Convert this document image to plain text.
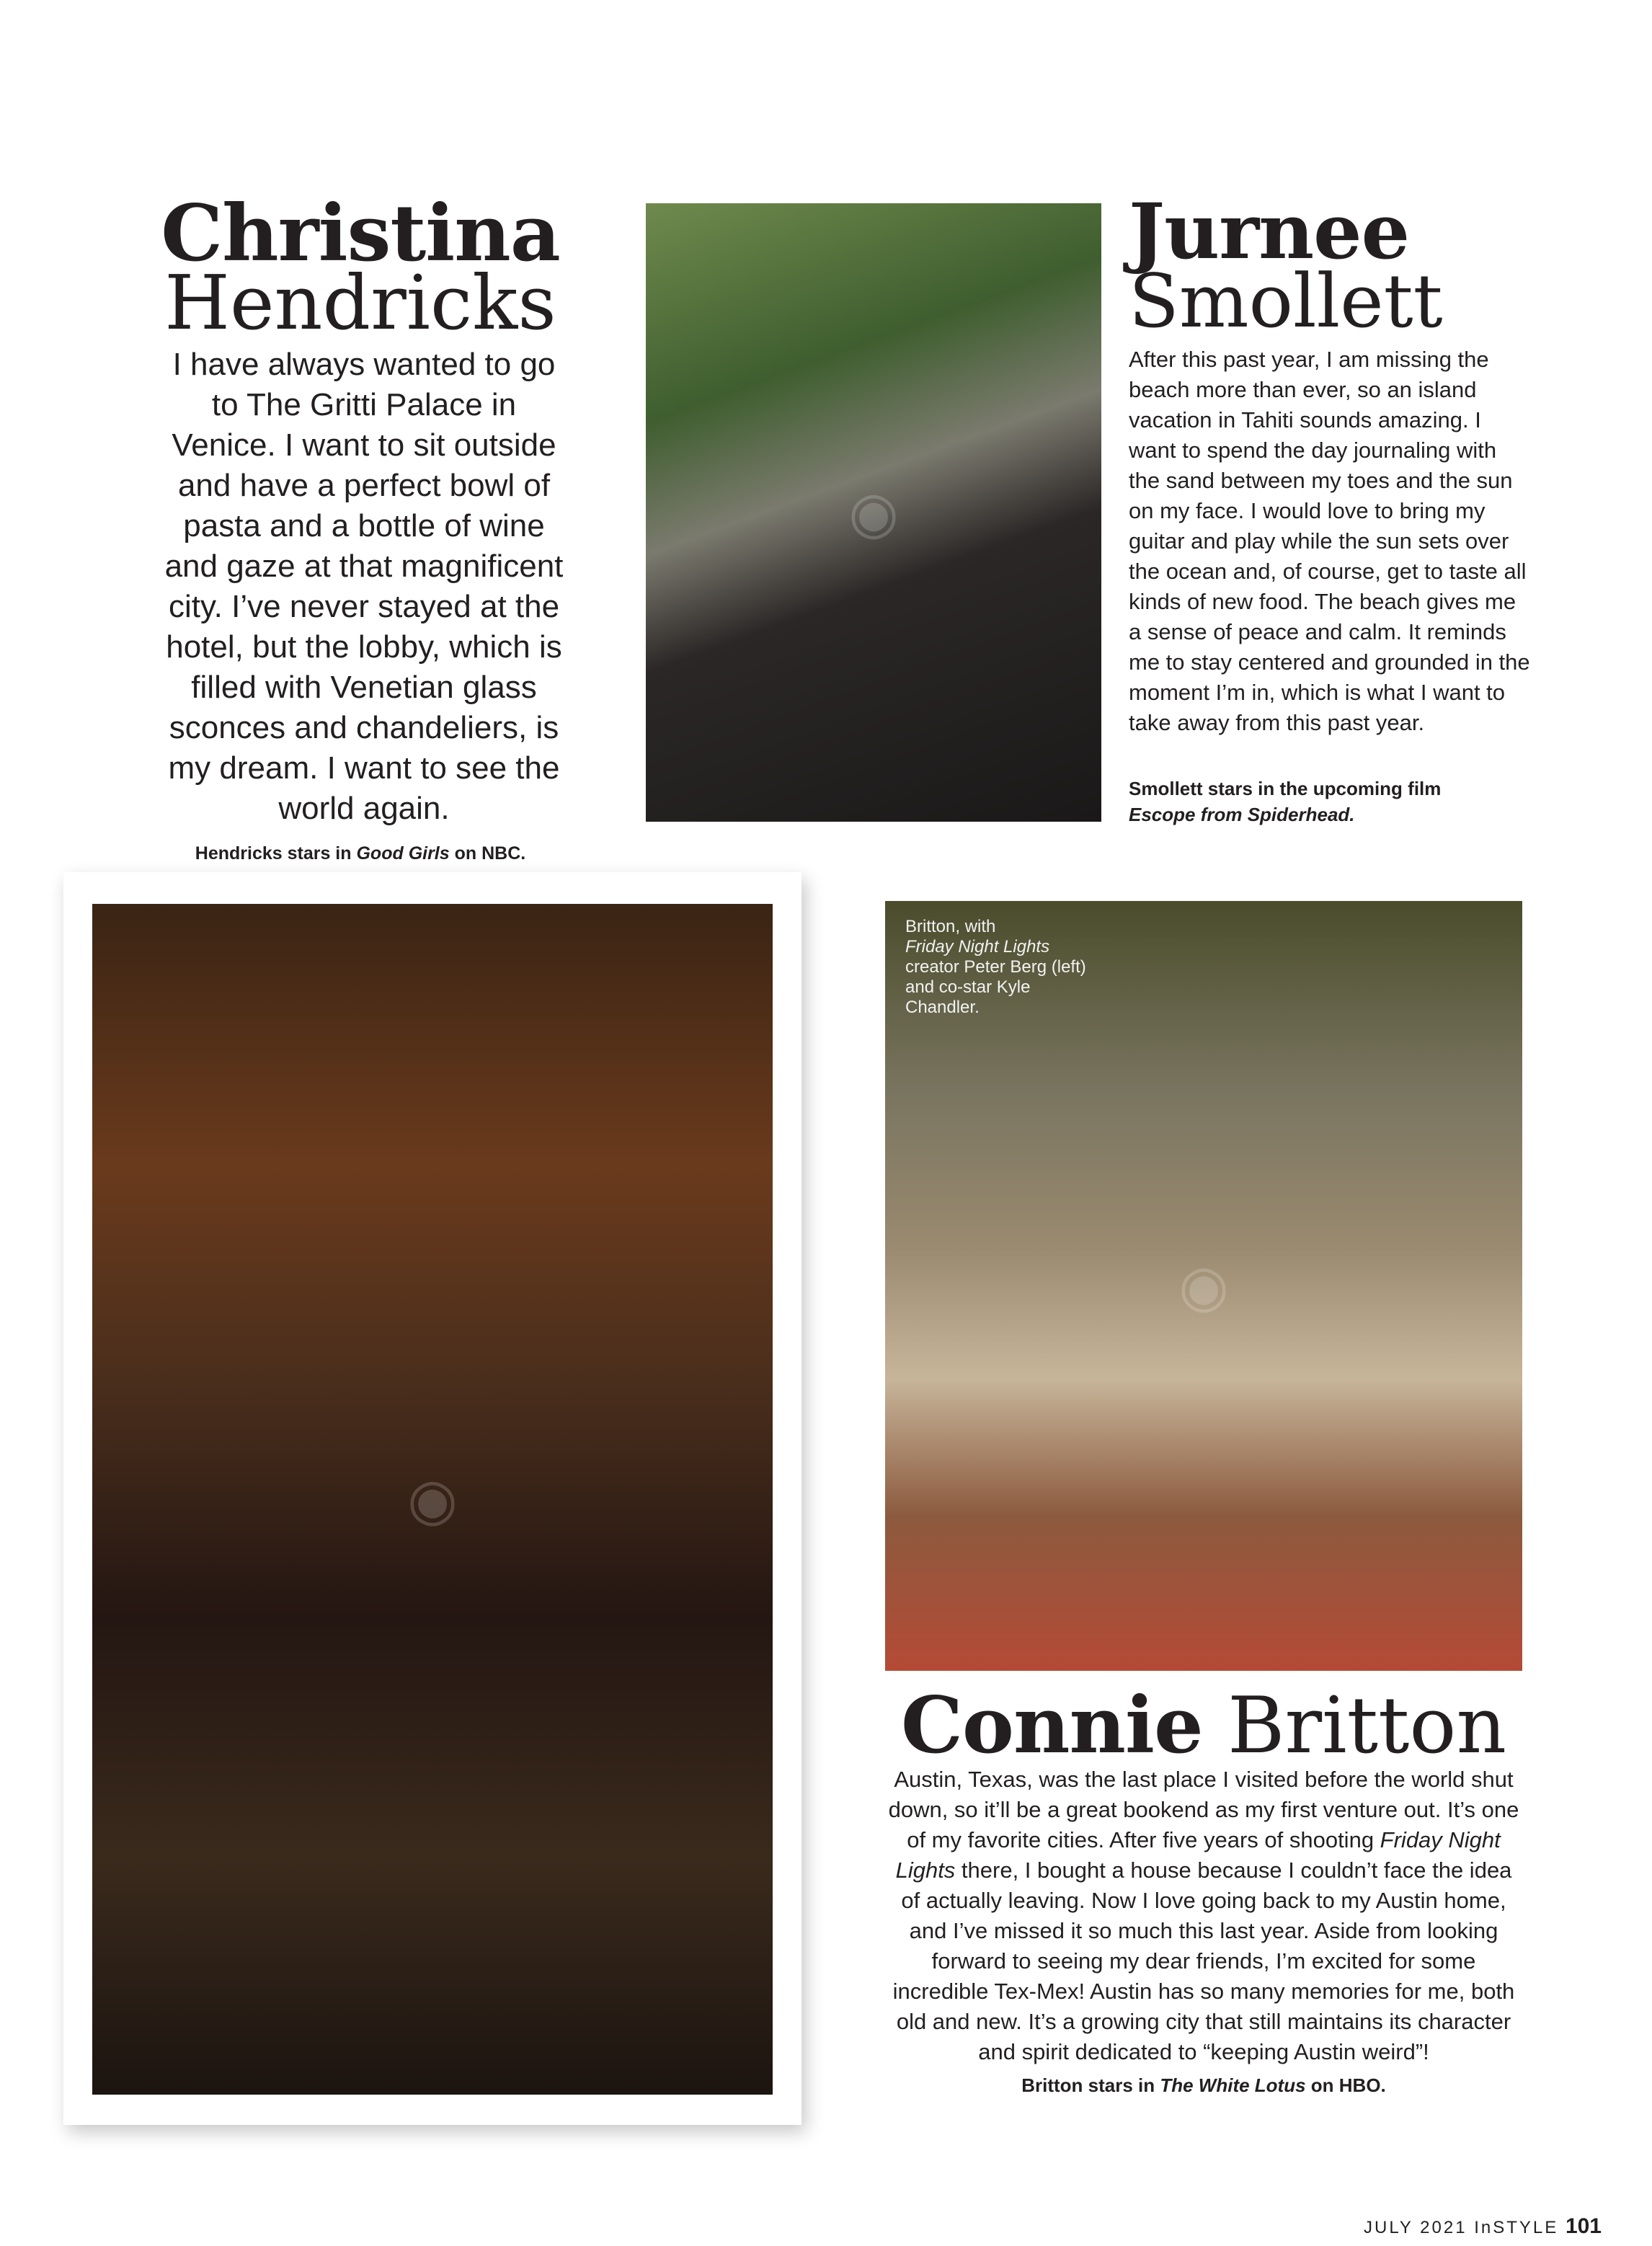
Christina
Hendricks
I have always wanted to go to The Gritti Palace in Venice. I want to sit outside and have a perfect bowl of pasta and a bottle of wine and gaze at that magnificent city. I’ve never stayed at the hotel, but the lobby, which is filled with Venetian glass sconces and chandeliers, is my dream. I want to see the world again.
Hendricks stars in Good Girls on NBC.
◉
Jurnee
Smollett
After this past year, I am missing the beach more than ever, so an island vacation in Tahiti sounds amazing. I want to spend the day journaling with the sand between my toes and the sun on my face. I would love to bring my guitar and play while the sun sets over the ocean and, of course, get to taste all kinds of new food. The beach gives me a sense of peace and calm. It reminds me to stay centered and grounded in the moment I’m in, which is what I want to take away from this past year.
Smollett stars in the upcoming film
Escope from Spiderhead.
◉
◉
Britton, with
Friday Night Lights
creator Peter Berg (left) and co-star Kyle Chandler.
Connie Britton
Austin, Texas, was the last place I visited before the world shut down, so it’ll be a great bookend as my first venture out. It’s one of my favorite cities. After five years of shooting Friday Night Lights there, I bought a house because I couldn’t face the idea of actually leaving. Now I love going back to my Austin home, and I’ve missed it so much this last year. Aside from looking forward to seeing my dear friends, I’m excited for some incredible Tex-Mex! Austin has so many memories for me, both old and new. It’s a growing city that still maintains its character and spirit dedicated to “keeping Austin weird”!
Britton stars in The White Lotus on HBO.
JULY 2021 InSTYLE 101
